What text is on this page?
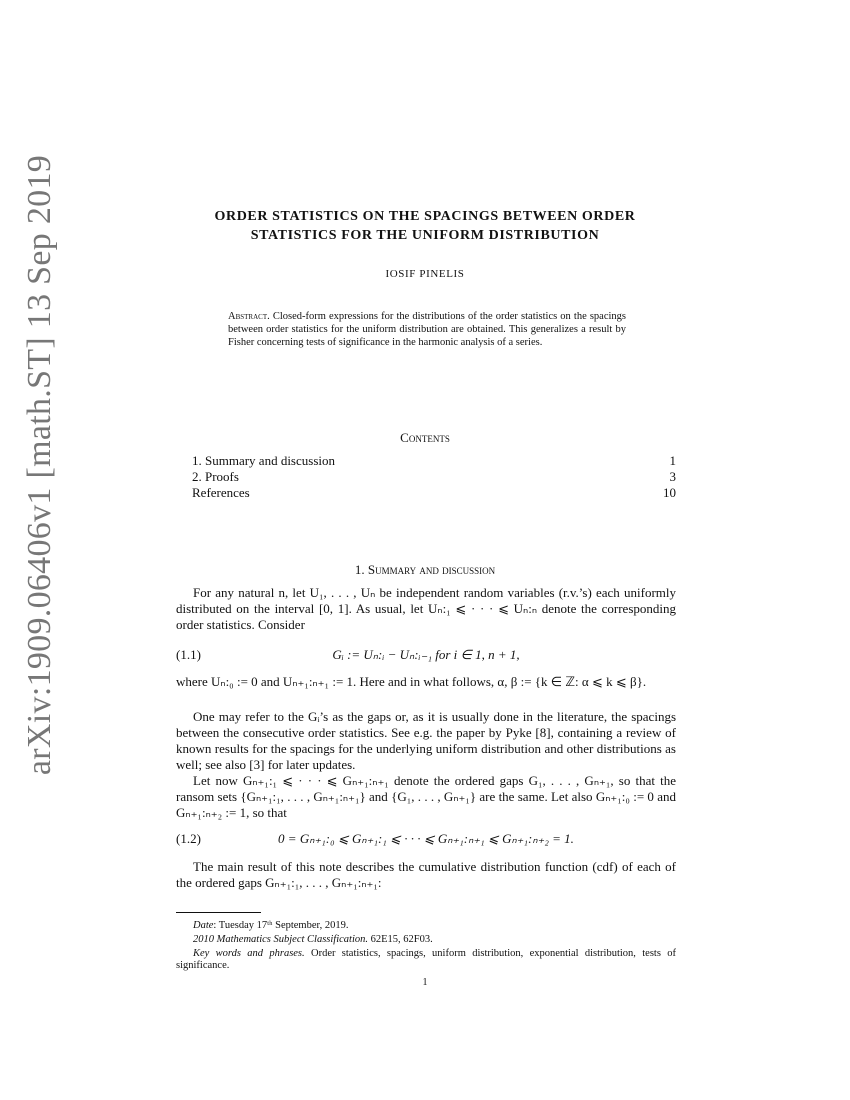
arXiv:1909.06406v1 [math.ST] 13 Sep 2019	ORDER STATISTICS ON THE SPACINGS BETWEEN ORDER
STATISTICS FOR THE UNIFORM DISTRIBUTION
IOSIF PINELIS
Abstract. Closed-form expressions for the distributions of the order statistics on the spacings between order statistics for the uniform distribution are obtained. This generalizes a result by Fisher concerning tests of significance in the harmonic analysis of a series.
Contents
1. Summary and discussion	1
2. Proofs	3
References	10
1. Summary and discussion
For any natural n, let U₁, . . . , Uₙ be independent random variables (r.v.’s) each uniformly distributed on the interval [0, 1]. As usual, let Uₙ:₁ ⩽ · · · ⩽ Uₙ:ₙ denote the corresponding order statistics. Consider
(1.1)	Gᵢ := Uₙ:ᵢ − Uₙ:ᵢ₋₁ for i ∈ 1, n + 1,
where Uₙ:₀ := 0 and Uₙ₊₁:ₙ₊₁ := 1. Here and in what follows, α, β := {k ∈ ℤ: α ⩽ k ⩽ β}.
One may refer to the Gᵢ’s as the gaps or, as it is usually done in the literature, the spacings between the consecutive order statistics. See e.g. the paper by Pyke [8], containing a review of known results for the spacings for the underlying uniform distribution and other distributions as well; see also [3] for later updates.
Let now Gₙ₊₁:₁ ⩽ · · · ⩽ Gₙ₊₁:ₙ₊₁ denote the ordered gaps G₁, . . . , Gₙ₊₁, so that the ransom sets {Gₙ₊₁:₁, . . . , Gₙ₊₁:ₙ₊₁} and {G₁, . . . , Gₙ₊₁} are the same. Let also Gₙ₊₁:₀ := 0 and Gₙ₊₁:ₙ₊₂ := 1, so that
(1.2)	0 = Gₙ₊₁:₀ ⩽ Gₙ₊₁:₁ ⩽ · · · ⩽ Gₙ₊₁:ₙ₊₁ ⩽ Gₙ₊₁:ₙ₊₂ = 1.
The main result of this note describes the cumulative distribution function (cdf) of each of the ordered gaps Gₙ₊₁:₁, . . . , Gₙ₊₁:ₙ₊₁:
Date: Tuesday 17ᵗʰ September, 2019.
2010 Mathematics Subject Classification. 62E15, 62F03.
Key words and phrases. Order statistics, spacings, uniform distribution, exponential distribution, tests of significance.
1
